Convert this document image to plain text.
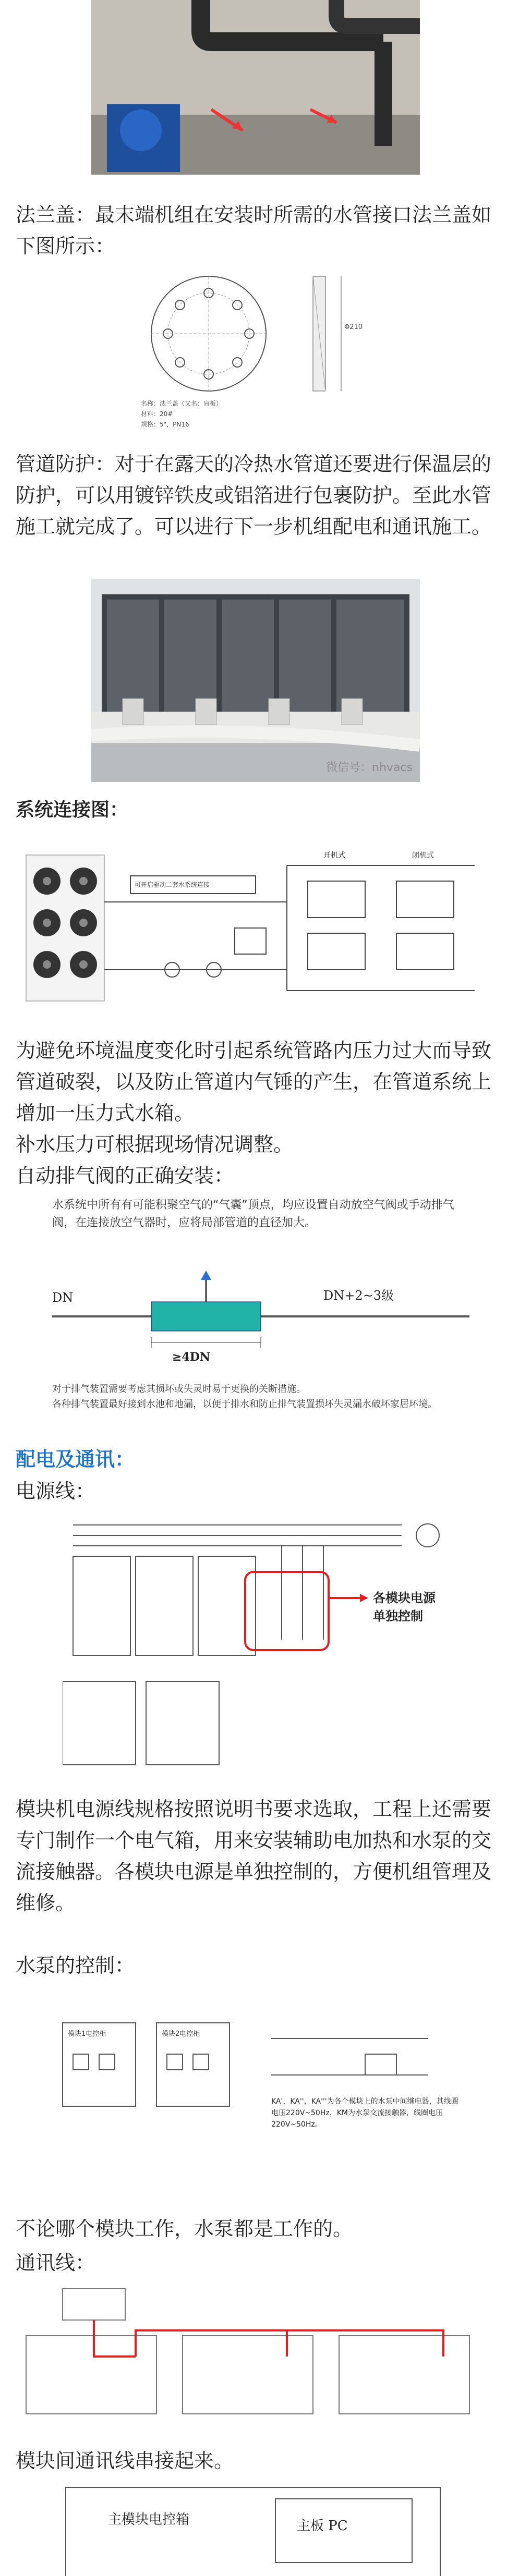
法兰盖：最末端机组在安装时所需的水管接口法兰盖如下图所示：
Φ210
名称：法兰盖（又名：盲板）
材料：20#
规格：5"，PN16
管道防护：对于在露天的冷热水管道还要进行保温层的防护，可以用镀锌铁皮或铝箔进行包裹防护。至此水管施工就完成了。可以进行下一步机组配电和通讯施工。
微信号：nhvacs
系统连接图：
开机式	闭机式
可开启驱动二套水系统连接
为避免环境温度变化时引起系统管路内压力过大而导致管道破裂，以及防止管道内气锤的产生，在管道系统上增加一压力式水箱。
补水压力可根据现场情况调整。
自动排气阀的正确安装：
水系统中所有有可能积聚空气的“气囊”顶点，均应设置自动放空气阀或手动排气阀，在连接放空气器时，应将局部管道的直径加大。
DN	DN+2~3级
≥4DN
对于排气装置需要考虑其损坏或失灵时易于更换的关断措施。
各种排气装置最好接到水池和地漏，以便于排水和防止排气装置损坏失灵漏水破坏家居环境。
配电及通讯：
电源线：
各模块电源
单独控制
模块机电源线规格按照说明书要求选取，工程上还需要专门制作一个电气箱，用来安装辅助电加热和水泵的交流接触器。各模块电源是单独控制的，方便机组管理及维修。
水泵的控制：
模块1电控柜	模块2电控柜
KA'，KA''，KA'''为各个模块上的水泵中间继电器，其线圈电压220V~50Hz，KM为水泵交流接触器，线圈电压220V~50Hz。
不论哪个模块工作，水泵都是工作的。
通讯线：
模块间通讯线串接起来。
主模块电控箱	主板 PC
